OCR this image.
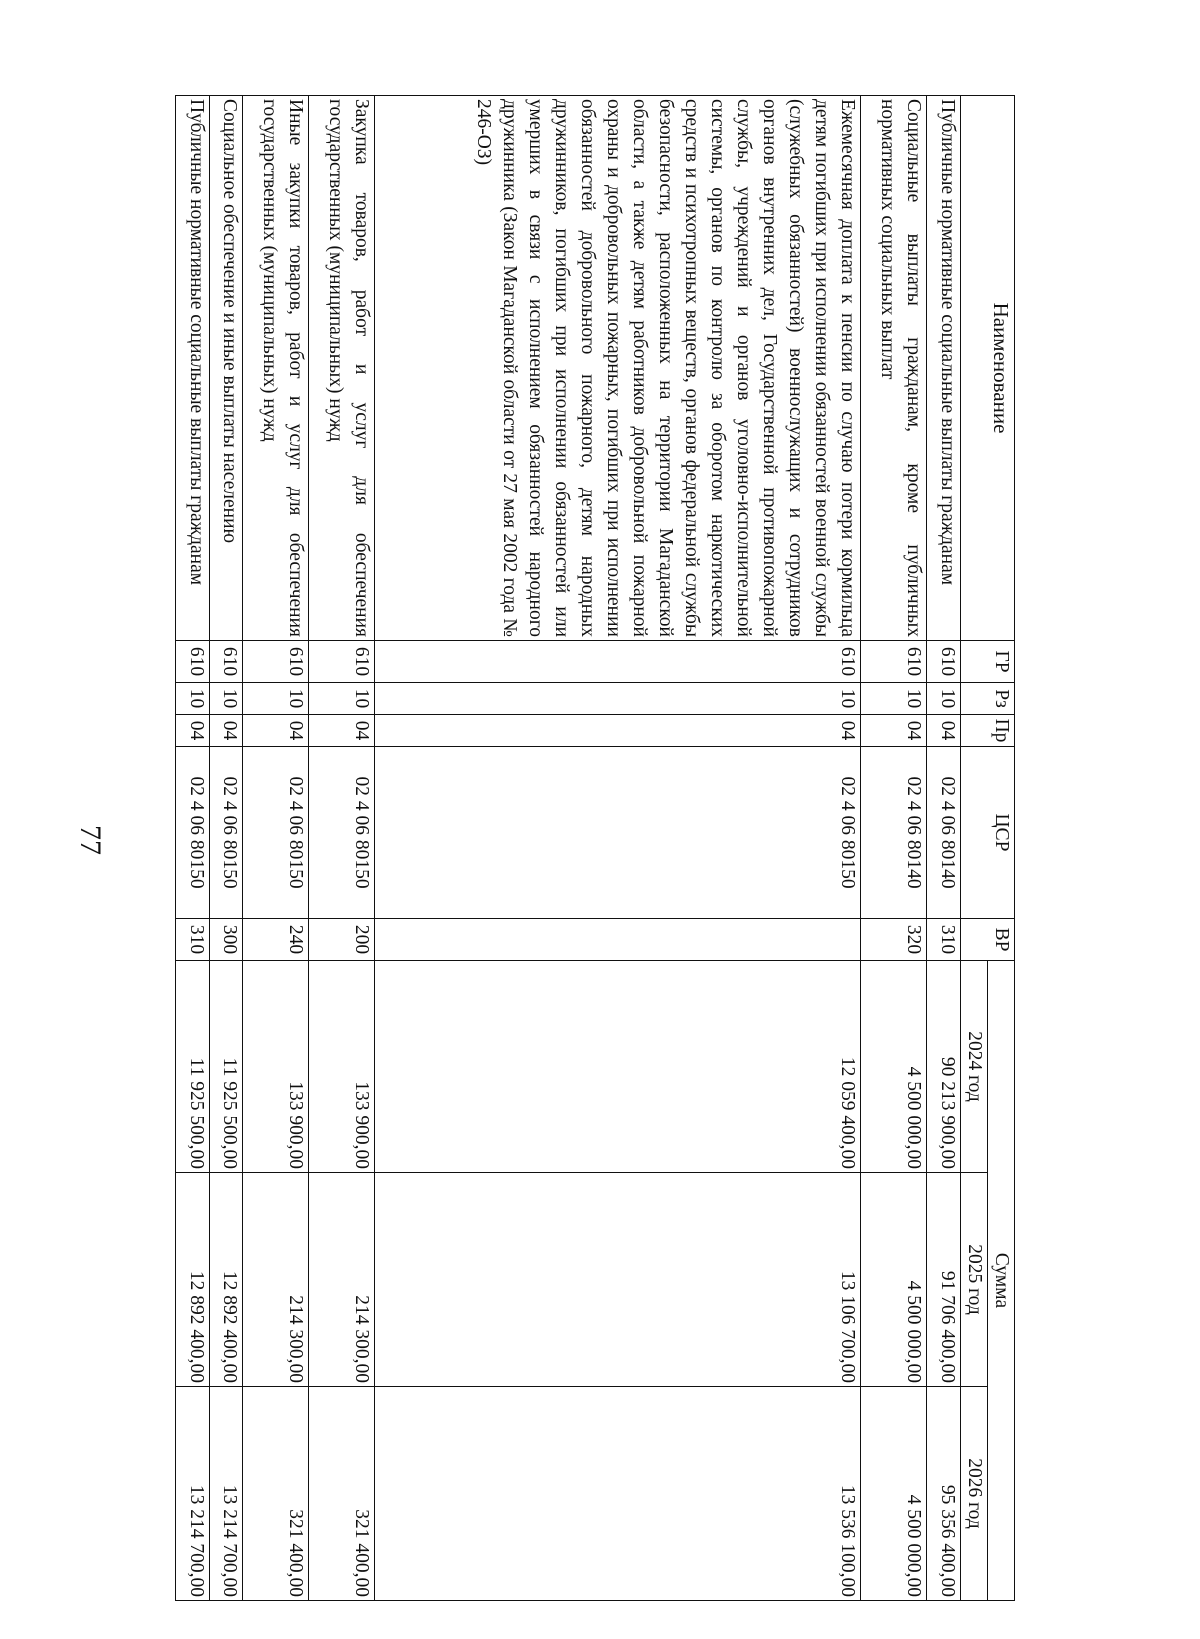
77
Наименование	ГР	Рз	Пр	ЦСР	ВР	Сумма		
						2024 год	2025 год	2026 год
Публичные нормативные социальные выплаты гражданам	610	10	04	02 4 06 80140	310	90 213 900,00	91 706 400,00	95 356 400,00
Социальные выплаты гражданам, кроме публичных нормативных социальных выплат	610	10	04	02 4 06 80140	320	4 500 000,00	4 500 000,00	4 500 000,00
Ежемесячная доплата к пенсии по случаю потери кормильца детям погибших при исполнении обязанностей военной службы (служебных обязанностей) военнослужащих и сотрудников органов внутренних дел, Государственной противопожарной службы, учреждений и органов уголовно-исполнительной системы, органов по контролю за оборотом наркотических средств и психотропных веществ, органов федеральной службы безопасности, расположенных на территории Магаданской области, а также детям работников добровольной пожарной охраны и добровольных пожарных, погибших при исполнении обязанностей добровольного пожарного, детям народных дружинников, погибших при исполнении обязанностей или умерших в связи с исполнением обязанностей народного дружинника (Закон Магаданской области от 27 мая 2002 года № 246-ОЗ)	610	10	04	02 4 06 80150		12 059 400,00	13 106 700,00	13 536 100,00
Закупка товаров, работ и услуг для обеспечения государственных (муниципальных) нужд	610	10	04	02 4 06 80150	200	133 900,00	214 300,00	321 400,00
Иные закупки товаров, работ и услуг для обеспечения государственных (муниципальных) нужд	610	10	04	02 4 06 80150	240	133 900,00	214 300,00	321 400,00
Социальное обеспечение и иные выплаты населению	610	10	04	02 4 06 80150	300	11 925 500,00	12 892 400,00	13 214 700,00
Публичные нормативные социальные выплаты гражданам	610	10	04	02 4 06 80150	310	11 925 500,00	12 892 400,00	13 214 700,00
